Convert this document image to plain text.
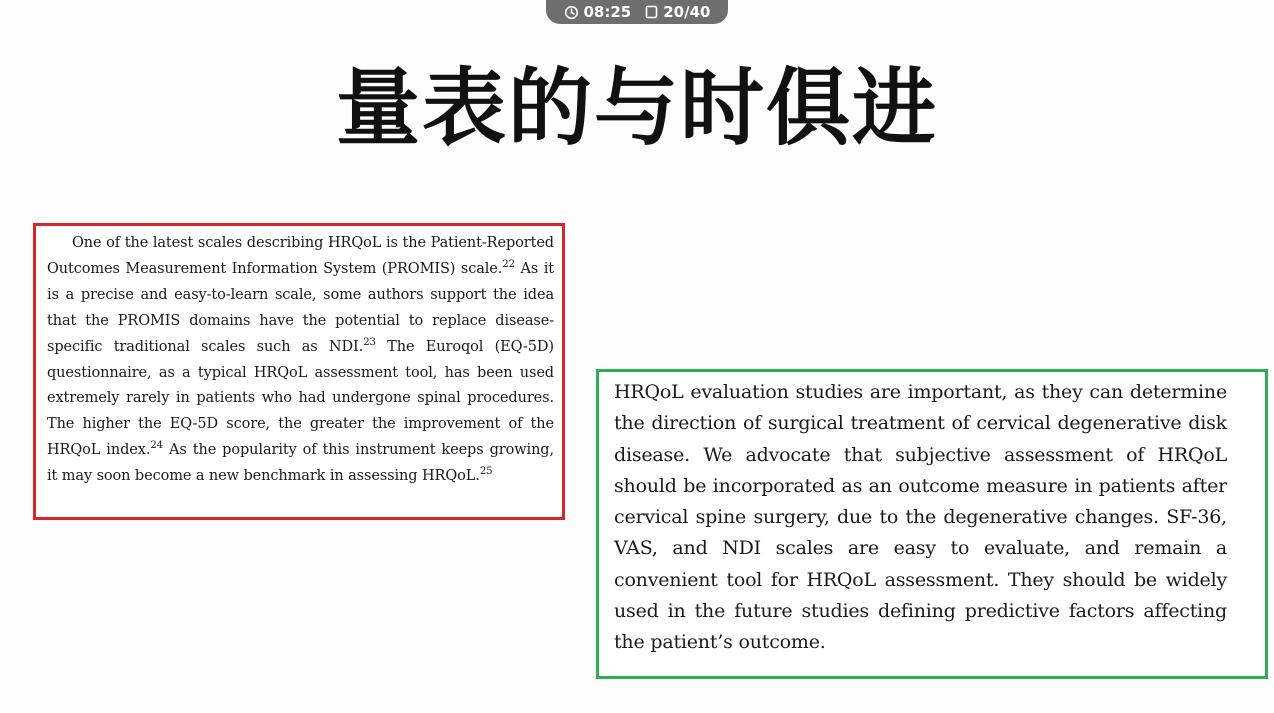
08:25 20/40
量表的与时俱进

One of the latest scales describing HRQoL is the Patient-Reported Outcomes Measurement Information System (PROMIS) scale.$^{22}$ As it is a precise and easy-to-learn scale, some authors support the idea that the PROMIS domains have the potential to replace disease-specific traditional scales such as NDI.$^{23}$ The Euroqol (EQ-5D) questionnaire, as a typical HRQoL assessment tool, has been used extremely rarely in patients who had undergone spinal procedures. The higher the EQ-5D score, the greater the improvement of the HRQoL index.$^{24}$ As the popularity of this instrument keeps growing, it may soon become a new benchmark in assessing HRQoL.$^{25}$

HRQoL evaluation studies are important, as they can determine the direction of surgical treatment of cervical degenerative disk disease. We advocate that subjective assessment of HRQoL should be incorporated as an outcome measure in patients after cervical spine surgery, due to the degenerative changes. SF-36, VAS, and NDI scales are easy to evaluate, and remain a convenient tool for HRQoL assessment. They should be widely used in the future studies defining predictive factors affecting the patient’s outcome.
